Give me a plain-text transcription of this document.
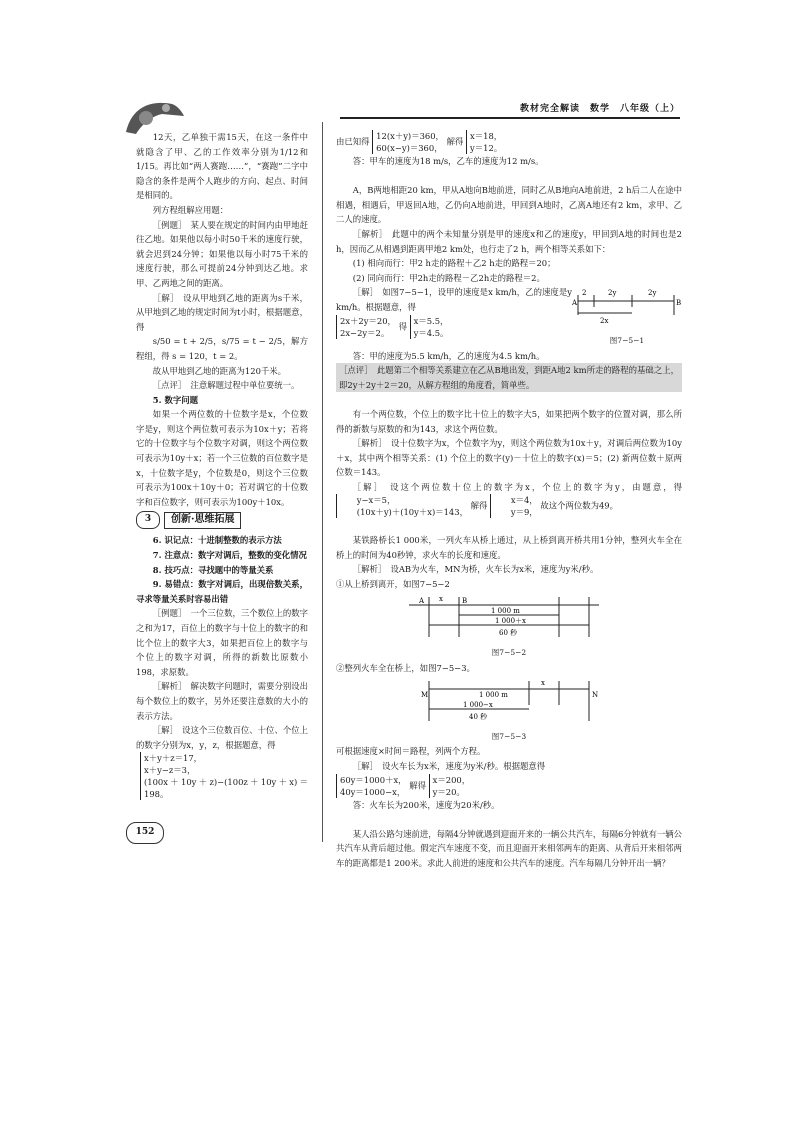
教材完全解读　数学　八年级（上）

12天，乙单独干需15天，在这一条件中就隐含了甲、乙的工作效率分别为1/12和1/15。再比如“两人赛跑……”，“赛跑”二字中隐含的条件是两个人跑步的方向、起点、时间是相同的。

列方程组解应用题：

［例题］　某人要在规定的时间内由甲地赶往乙地。如果他以每小时50千米的速度行驶，就会迟到24分钟；如果他以每小时75千米的速度行驶，那么可提前24分钟到达乙地。求甲、乙两地之间的距离。

［解］　设从甲地到乙地的距离为s千米，从甲地到乙地的规定时间为t小时，根据题意，得

s/50 = t + 2/5，s/75 = t − 2/5，解方程组，得 s = 120，t = 2。

故从甲地到乙地的距离为120千米。

［点评］　注意解题过程中单位要统一。

5. 数字问题

如果一个两位数的十位数字是x，个位数字是y，则这个两位数可表示为10x＋y；若将它的十位数字与个位数字对调，则这个两位数可表示为10y＋x；若一个三位数的百位数字是x，十位数字是y，个位数是0，则这个三位数可表示为100x＋10y＋0；若对调它的十位数字和百位数字，则可表示为100y＋10x。

3	创新·思维拓展

6. 识记点：十进制整数的表示方法

7. 注意点：数字对调后，整数的变化情况

8. 技巧点：寻找题中的等量关系

9. 易错点：数字对调后，出现倍数关系，寻求等量关系时容易出错

［例题］　一个三位数，三个数位上的数字之和为17，百位上的数字与十位上的数字的和比个位上的数字大3，如果把百位上的数字与个位上的数字对调，所得的新数比原数小198，求原数。

［解析］　解决数字问题时，需要分别设出每个数位上的数字，另外还要注意数的大小的表示方法。

［解］　设这个三位数百位、十位、个位上的数字分别为x，y，z，根据题意，得

x＋y＋z＝17，
x＋y−z＝3，
(100x＋10y＋z)−(100z＋10y＋x)＝198。

由已知得
12(x＋y)＝360，
60(x−y)＝360，
解得
x＝18，
y＝12。

答：甲车的速度为18 m/s，乙车的速度为12 m/s。

A，B两地相距20 km，甲从A地向B地前进，同时乙从B地向A地前进，2 h后二人在途中相遇，相遇后，甲返回A地，乙仍向A地前进，甲回到A地时，乙离A地还有2 km，求甲、乙二人的速度。

［解析］　此题中的两个未知量分别是甲的速度x和乙的速度y，甲回到A地的时间也是2 h，因而乙从相遇到距离甲地2 km处，也行走了2 h，两个相等关系如下：

(1) 相向而行：甲2 h走的路程＋乙2 h走的路程＝20；

(2) 同向而行：甲2h走的路程－乙2h走的路程＝2。

［解］　如图7−5−1，设甲的速度是x km/h，乙的速度是y km/h。根据题意，得

2x＋2y＝20，
2x−2y＝2。
得
x＝5.5，
y＝4.5。
A	B
2	2y	2y
2x
图7−5−1

答：甲的速度为5.5 km/h，乙的速度为4.5 km/h。

［点评］　此题第二个相等关系建立在乙从B地出发，到距A地2 km所走的路程的基础之上，即2y＋2y＋2＝20，从解方程组的角度看，简单些。

有一个两位数，个位上的数字比十位上的数字大5，如果把两个数字的位置对调，那么所得的新数与原数的和为143，求这个两位数。

［解析］　设十位数字为x，个位数字为y，则这个两位数为10x＋y，对调后两位数为10y＋x，其中两个相等关系：(1) 个位上的数字(y)－十位上的数字(x)＝5；(2) 新两位数＋原两位数＝143。

［解］　设这个两位数十位上的数字为x，个位上的数字为y，由题意，得
y−x＝5，
(10x＋y)＋(10y＋x)＝143，
解得
x＝4，
y＝9，
故这个两位数为49。

某铁路桥长1 000米，一列火车从桥上通过，从上桥到离开桥共用1分钟，整列火车全在桥上的时间为40秒钟，求火车的长度和速度。

［解析］　设AB为火车，MN为桥，火车长为x米，速度为y米/秒。

①从上桥到离开，如图7−5−2

A	B
x
1 000 m
1 000＋x
60 秒
图7−5−2

②整列火车全在桥上，如图7−5−3。

M	N
x
1 000 m
1 000−x
40 秒
图7−5−3

可根据速度×时间＝路程，列两个方程。

［解］　设火车长为x米，速度为y米/秒。根据题意得

60y＝1000＋x，
40y＝1000−x，
解得
x＝200，
y＝20。

答：火车长为200米，速度为20米/秒。

某人沿公路匀速前进，每隔4分钟就遇到迎面开来的一辆公共汽车，每隔6分钟就有一辆公共汽车从背后超过他。假定汽车速度不变，而且迎面开来相邻两车的距离、从背后开来相邻两车的距离都是1 200米。求此人前进的速度和公共汽车的速度。汽车每隔几分钟开出一辆？

152
